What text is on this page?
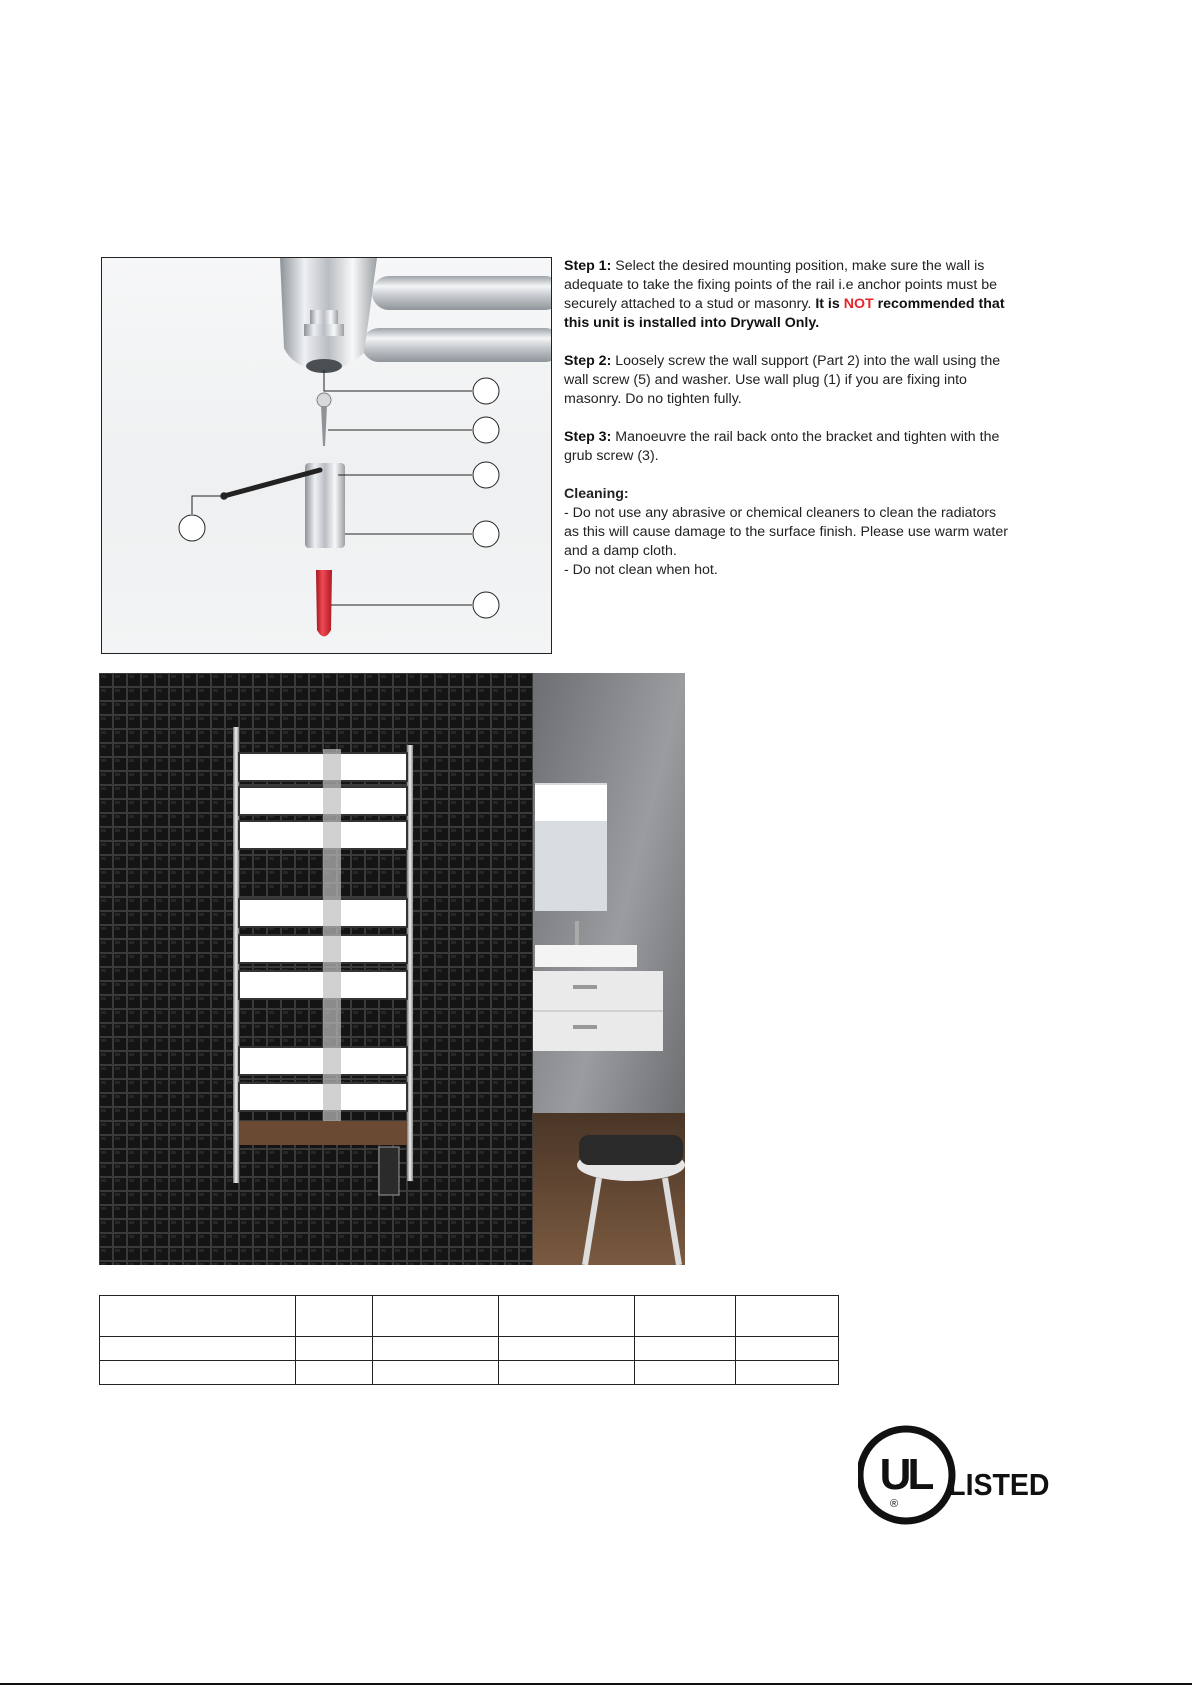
Step 1: Select the desired mounting position, make sure the wall is adequate to take the fixing points of the rail i.e anchor points must be securely attached to a stud or masonry. It is NOT recommended that this unit is installed into Drywall Only.

Step 2: Loosely screw the wall support (Part 2) into the wall using the wall screw (5) and washer. Use wall plug (1) if you are fixing into masonry. Do no tighten fully.

Step 3: Manoeuvre the rail back onto the bracket and tighten with the grub screw (3).

Cleaning:

- Do not use any abrasive or chemical cleaners to clean the radiators as this will cause damage to the surface finish. Please use warm water and a damp cloth.

- Do not clean when hot.

UL
®
LISTED
